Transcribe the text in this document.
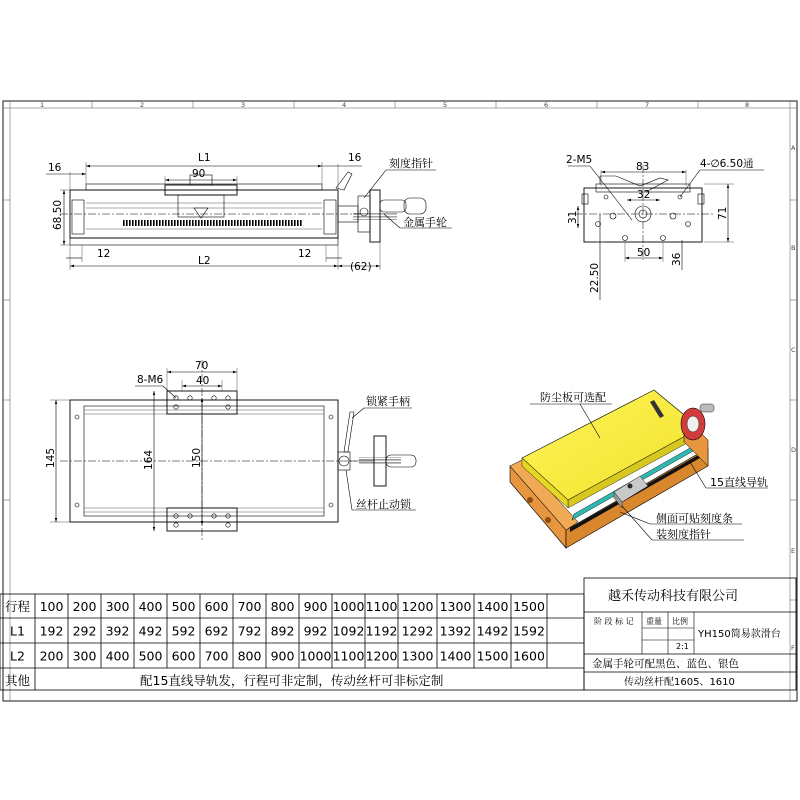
1	2	3	4	5	6	7	8
A
B
C
D
E
F
L1
16
16
90
68.50
12	12
L2	(62)
刻度指针
金属手轮
2-M5
83	4-∅6.50通
32
31	71
50
22.50
36
70
40
8-M6
145	164	150
锁紧手柄
丝杆止动锁
防尘板可选配
15直线导轨
侧面可贴刻度条
装刻度指针
行程 100 200 300 400 500 600 700 800 900 1000 1100 1200 1300 1400 1500
L1 192 292 392 492 592 692 792 892 992 1092 1192 1292 1392 1492 1592
L2 200 300 400 500 600 700 800 900 1000 1100 1200 1300 1400 1500 1600
其他	配15直线导轨发，行程可非定制，传动丝杆可非标定制
越禾传动科技有限公司
阶 段 标 记 重量 比例
2:1
YH150简易款滑台
金属手轮可配黑色、蓝色、银色
传动丝杆配1605、1610
